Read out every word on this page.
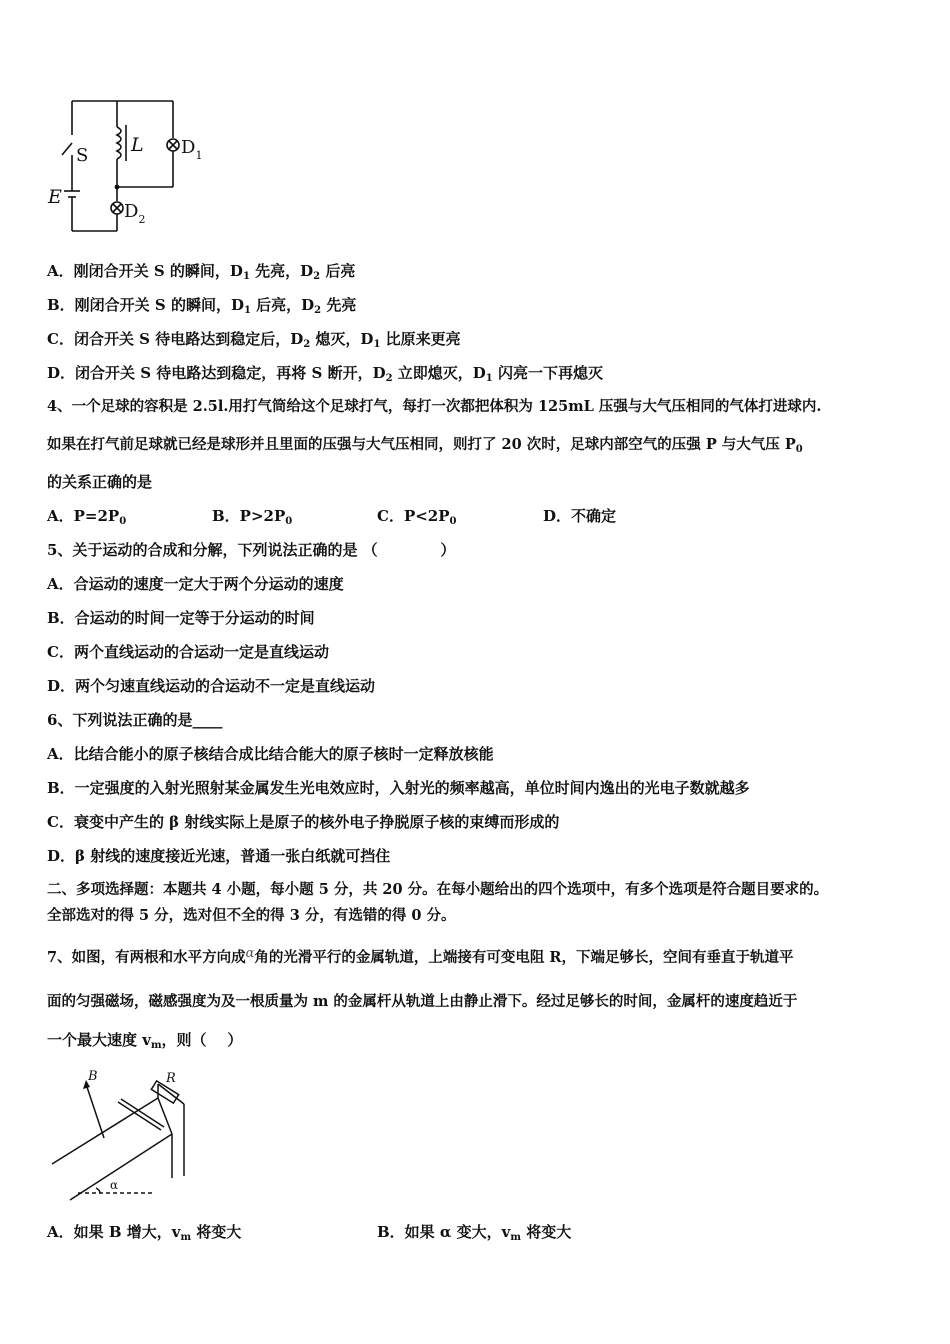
S L
E
$D_1$
$D_2$
A．刚闭合开关 S 的瞬间，$D_1$ 先亮，$D_2$ 后亮
B．刚闭合开关 S 的瞬间，$D_1$ 后亮，$D_2$ 先亮
C．闭合开关 S 待电路达到稳定后，$D_2$ 熄灭，$D_1$ 比原来更亮
D．闭合开关 S 待电路达到稳定，再将 S 断开，$D_2$ 立即熄灭，$D_1$ 闪亮一下再熄灭
4、一个足球的容积是 2.5l.用打气筒给这个足球打气，每打一次都把体积为 125mL 压强与大气压相同的气体打进球内.
如果在打气前足球就已经是球形并且里面的压强与大气压相同，则打了 20 次时，足球内部空气的压强 P 与大气压 $P_0$
的关系正确的是
A．$P=2P_0$	B．$P>2P_0$	C．$P<2P_0$	D．不确定
5、关于运动的合成和分解，下列说法正确的是 （            ）
A．合运动的速度一定大于两个分运动的速度
B．合运动的时间一定等于分运动的时间
C．两个直线运动的合运动一定是直线运动
D．两个匀速直线运动的合运动不一定是直线运动
6、下列说法正确的是____
A．比结合能小的原子核结合成比结合能大的原子核时一定释放核能
B．一定强度的入射光照射某金属发生光电效应时，入射光的频率越高，单位时间内逸出的光电子数就越多
C．衰变中产生的 β 射线实际上是原子的核外电子挣脱原子核的束缚而形成的
D．β 射线的速度接近光速，普通一张白纸就可挡住
二、多项选择题：本题共 4 小题，每小题 5 分，共 20 分。在每小题给出的四个选项中，有多个选项是符合题目要求的。
全部选对的得 5 分，选对但不全的得 3 分，有选错的得 0 分。
7、如图，有两根和水平方向成α角的光滑平行的金属轨道，上端接有可变电阻 R，下端足够长，空间有垂直于轨道平
面的匀强磁场，磁感强度为及一根质量为 m 的金属杆从轨道上由静止滑下。经过足够长的时间，金属杆的速度趋近于
一个最大速度 $v_m$，则（    ）
B	R
α
A．如果 B 增大，$v_m$ 将变大	B．如果 α 变大，$v_m$ 将变大
